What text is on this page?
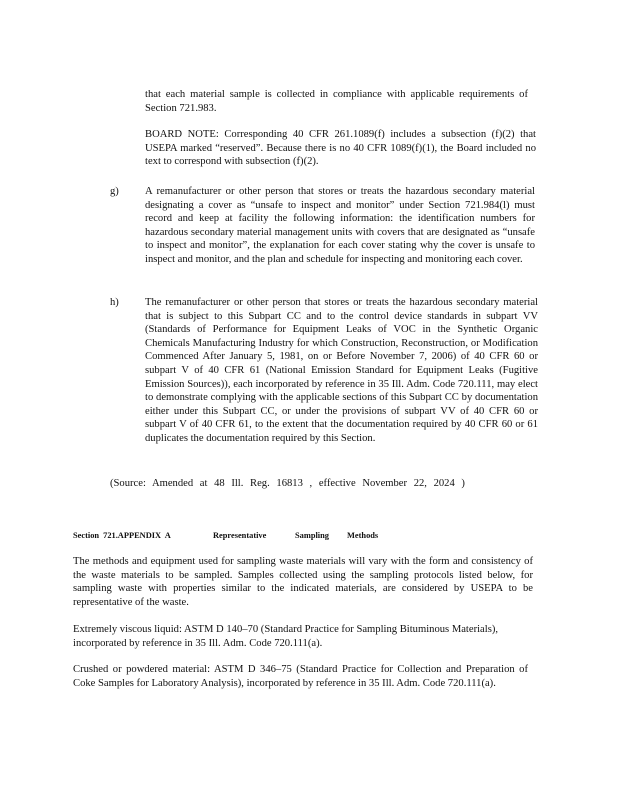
that each material sample is collected in compliance with applicable requirements of Section 721.983.

BOARD NOTE: Corresponding 40 CFR 261.1089(f) includes a subsection (f)(2) that USEPA marked “reserved”. Because there is no 40 CFR 1089(f)(1), the Board included no text to correspond with subsection (f)(2).

g) A remanufacturer or other person that stores or treats the hazardous secondary material designating a cover as “unsafe to inspect and monitor” under Section 721.984(l) must record and keep at facility the following information: the identification numbers for hazardous secondary material management units with covers that are designated as “unsafe to inspect and monitor”, the explanation for each cover stating why the cover is unsafe to inspect and monitor, and the plan and schedule for inspecting and monitoring each cover.

h) The remanufacturer or other person that stores or treats the hazardous secondary material that is subject to this Subpart CC and to the control device standards in subpart VV (Standards of Performance for Equipment Leaks of VOC in the Synthetic Organic Chemicals Manufacturing Industry for which Construction, Reconstruction, or Modification Commenced After January 5, 1981, on or Before November 7, 2006) of 40 CFR 60 or subpart V of 40 CFR 61 (National Emission Standard for Equipment Leaks (Fugitive Emission Sources)), each incorporated by reference in 35 Ill. Adm. Code 720.111, may elect to demonstrate complying with the applicable sections of this Subpart CC by documentation either under this Subpart CC, or under the provisions of subpart VV of 40 CFR 60 or subpart V of 40 CFR 61, to the extent that the documentation required by 40 CFR 60 or 61 duplicates the documentation required by this Section.

(Source: Amended at 48 Ill. Reg. 16813 , effective November 22, 2024 )

Section 721.APPENDIX A	Representative	Sampling Methods

The methods and equipment used for sampling waste materials will vary with the form and consistency of the waste materials to be sampled. Samples collected using the sampling protocols listed below, for sampling waste with properties similar to the indicated materials, are considered by USEPA to be representative of the waste.

Extremely viscous liquid: ASTM D 140–70 (Standard Practice for Sampling Bituminous Materials), incorporated by reference in 35 Ill. Adm. Code 720.111(a).

Crushed or powdered material: ASTM D 346–75 (Standard Practice for Collection and Preparation of Coke Samples for Laboratory Analysis), incorporated by reference in 35 Ill. Adm. Code 720.111(a).
